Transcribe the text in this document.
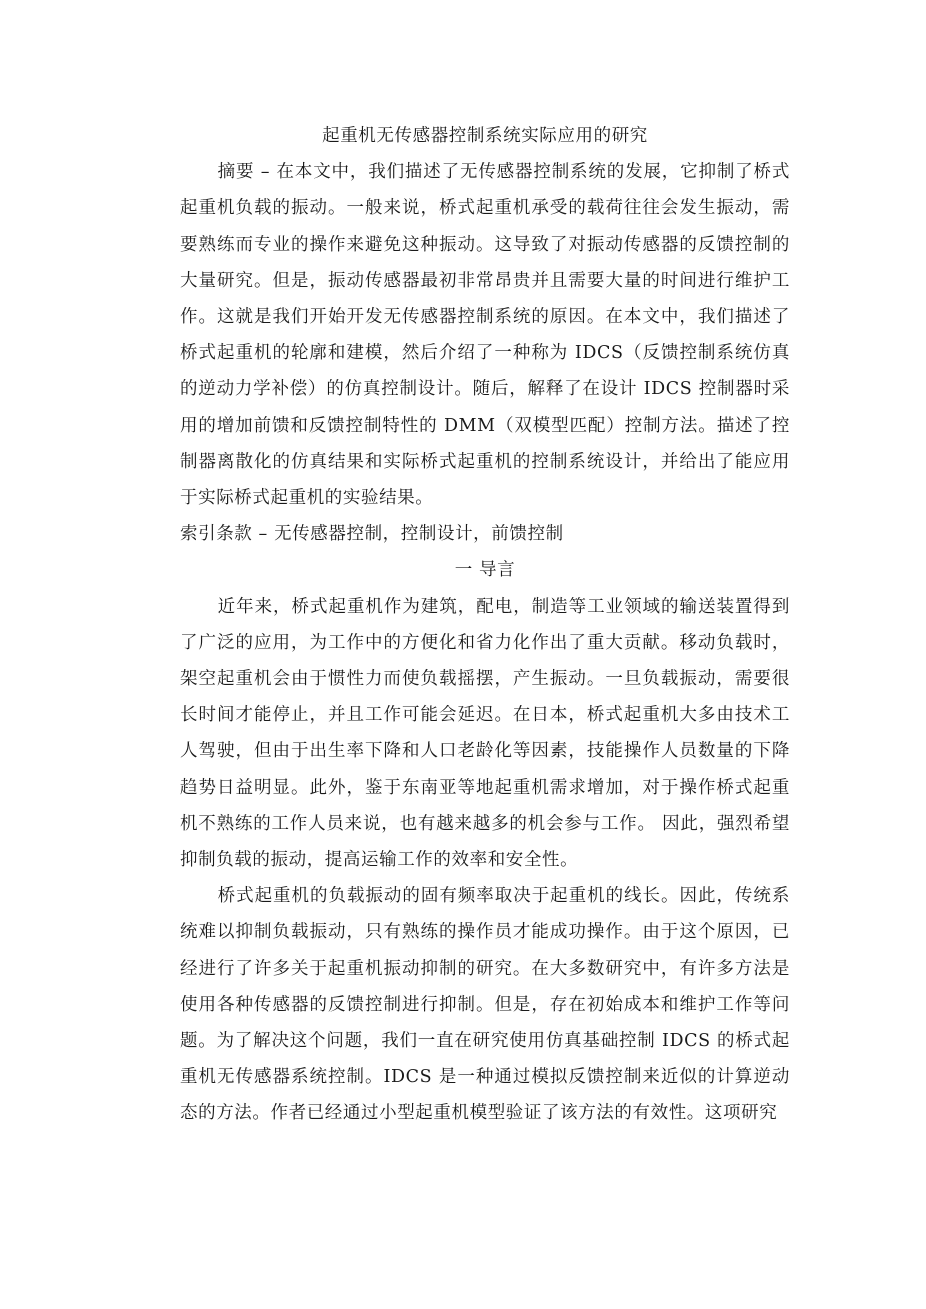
起重机无传感器控制系统实际应用的研究

摘要 – 在本文中，我们描述了无传感器控制系统的发展，它抑制了桥式起重机负载的振动。一般来说，桥式起重机承受的载荷往往会发生振动，需要熟练而专业的操作来避免这种振动。这导致了对振动传感器的反馈控制的大量研究。但是，振动传感器最初非常昂贵并且需要大量的时间进行维护工作。这就是我们开始开发无传感器控制系统的原因。在本文中，我们描述了桥式起重机的轮廓和建模，然后介绍了一种称为 IDCS（反馈控制系统仿真的逆动力学补偿）的仿真控制设计。随后，解释了在设计 IDCS 控制器时采用的增加前馈和反馈控制特性的 DMM（双模型匹配）控制方法。描述了控制器离散化的仿真结果和实际桥式起重机的控制系统设计，并给出了能应用于实际桥式起重机的实验结果。

索引条款 – 无传感器控制，控制设计，前馈控制

一 导言

近年来，桥式起重机作为建筑，配电，制造等工业领域的输送装置得到了广泛的应用，为工作中的方便化和省力化作出了重大贡献。移动负载时，架空起重机会由于惯性力而使负载摇摆，产生振动。一旦负载振动，需要很长时间才能停止，并且工作可能会延迟。在日本，桥式起重机大多由技术工人驾驶，但由于出生率下降和人口老龄化等因素，技能操作人员数量的下降趋势日益明显。此外，鉴于东南亚等地起重机需求增加，对于操作桥式起重机不熟练的工作人员来说，也有越来越多的机会参与工作。 因此，强烈希望抑制负载的振动，提高运输工作的效率和安全性。

桥式起重机的负载振动的固有频率取决于起重机的线长。因此，传统系统难以抑制负载振动，只有熟练的操作员才能成功操作。由于这个原因，已经进行了许多关于起重机振动抑制的研究。在大多数研究中，有许多方法是使用各种传感器的反馈控制进行抑制。但是，存在初始成本和维护工作等问题。为了解决这个问题，我们一直在研究使用仿真基础控制 IDCS 的桥式起重机无传感器系统控制。IDCS 是一种通过模拟反馈控制来近似的计算逆动态的方法。作者已经通过小型起重机模型验证了该方法的有效性。这项研究
